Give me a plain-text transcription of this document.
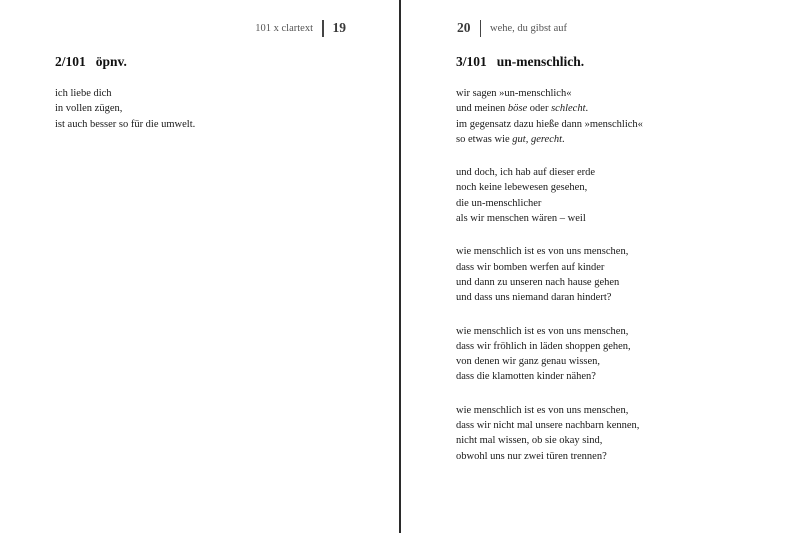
101 x clartext 19
2/101 öpnv.
ich liebe dich
in vollen zügen,
ist auch besser so für die umwelt.
20 wehe, du gibst auf
3/101 un-menschlich.
wir sagen »un-menschlich«
und meinen böse oder schlecht.
im gegensatz dazu hieße dann »menschlich«
so etwas wie gut, gerecht.
und doch, ich hab auf dieser erde
noch keine lebewesen gesehen,
die un-menschlicher
als wir menschen wären – weil
wie menschlich ist es von uns menschen,
dass wir bomben werfen auf kinder
und dann zu unseren nach hause gehen
und dass uns niemand daran hindert?
wie menschlich ist es von uns menschen,
dass wir fröhlich in läden shoppen gehen,
von denen wir ganz genau wissen,
dass die klamotten kinder nähen?
wie menschlich ist es von uns menschen,
dass wir nicht mal unsere nachbarn kennen,
nicht mal wissen, ob sie okay sind,
obwohl uns nur zwei türen trennen?
